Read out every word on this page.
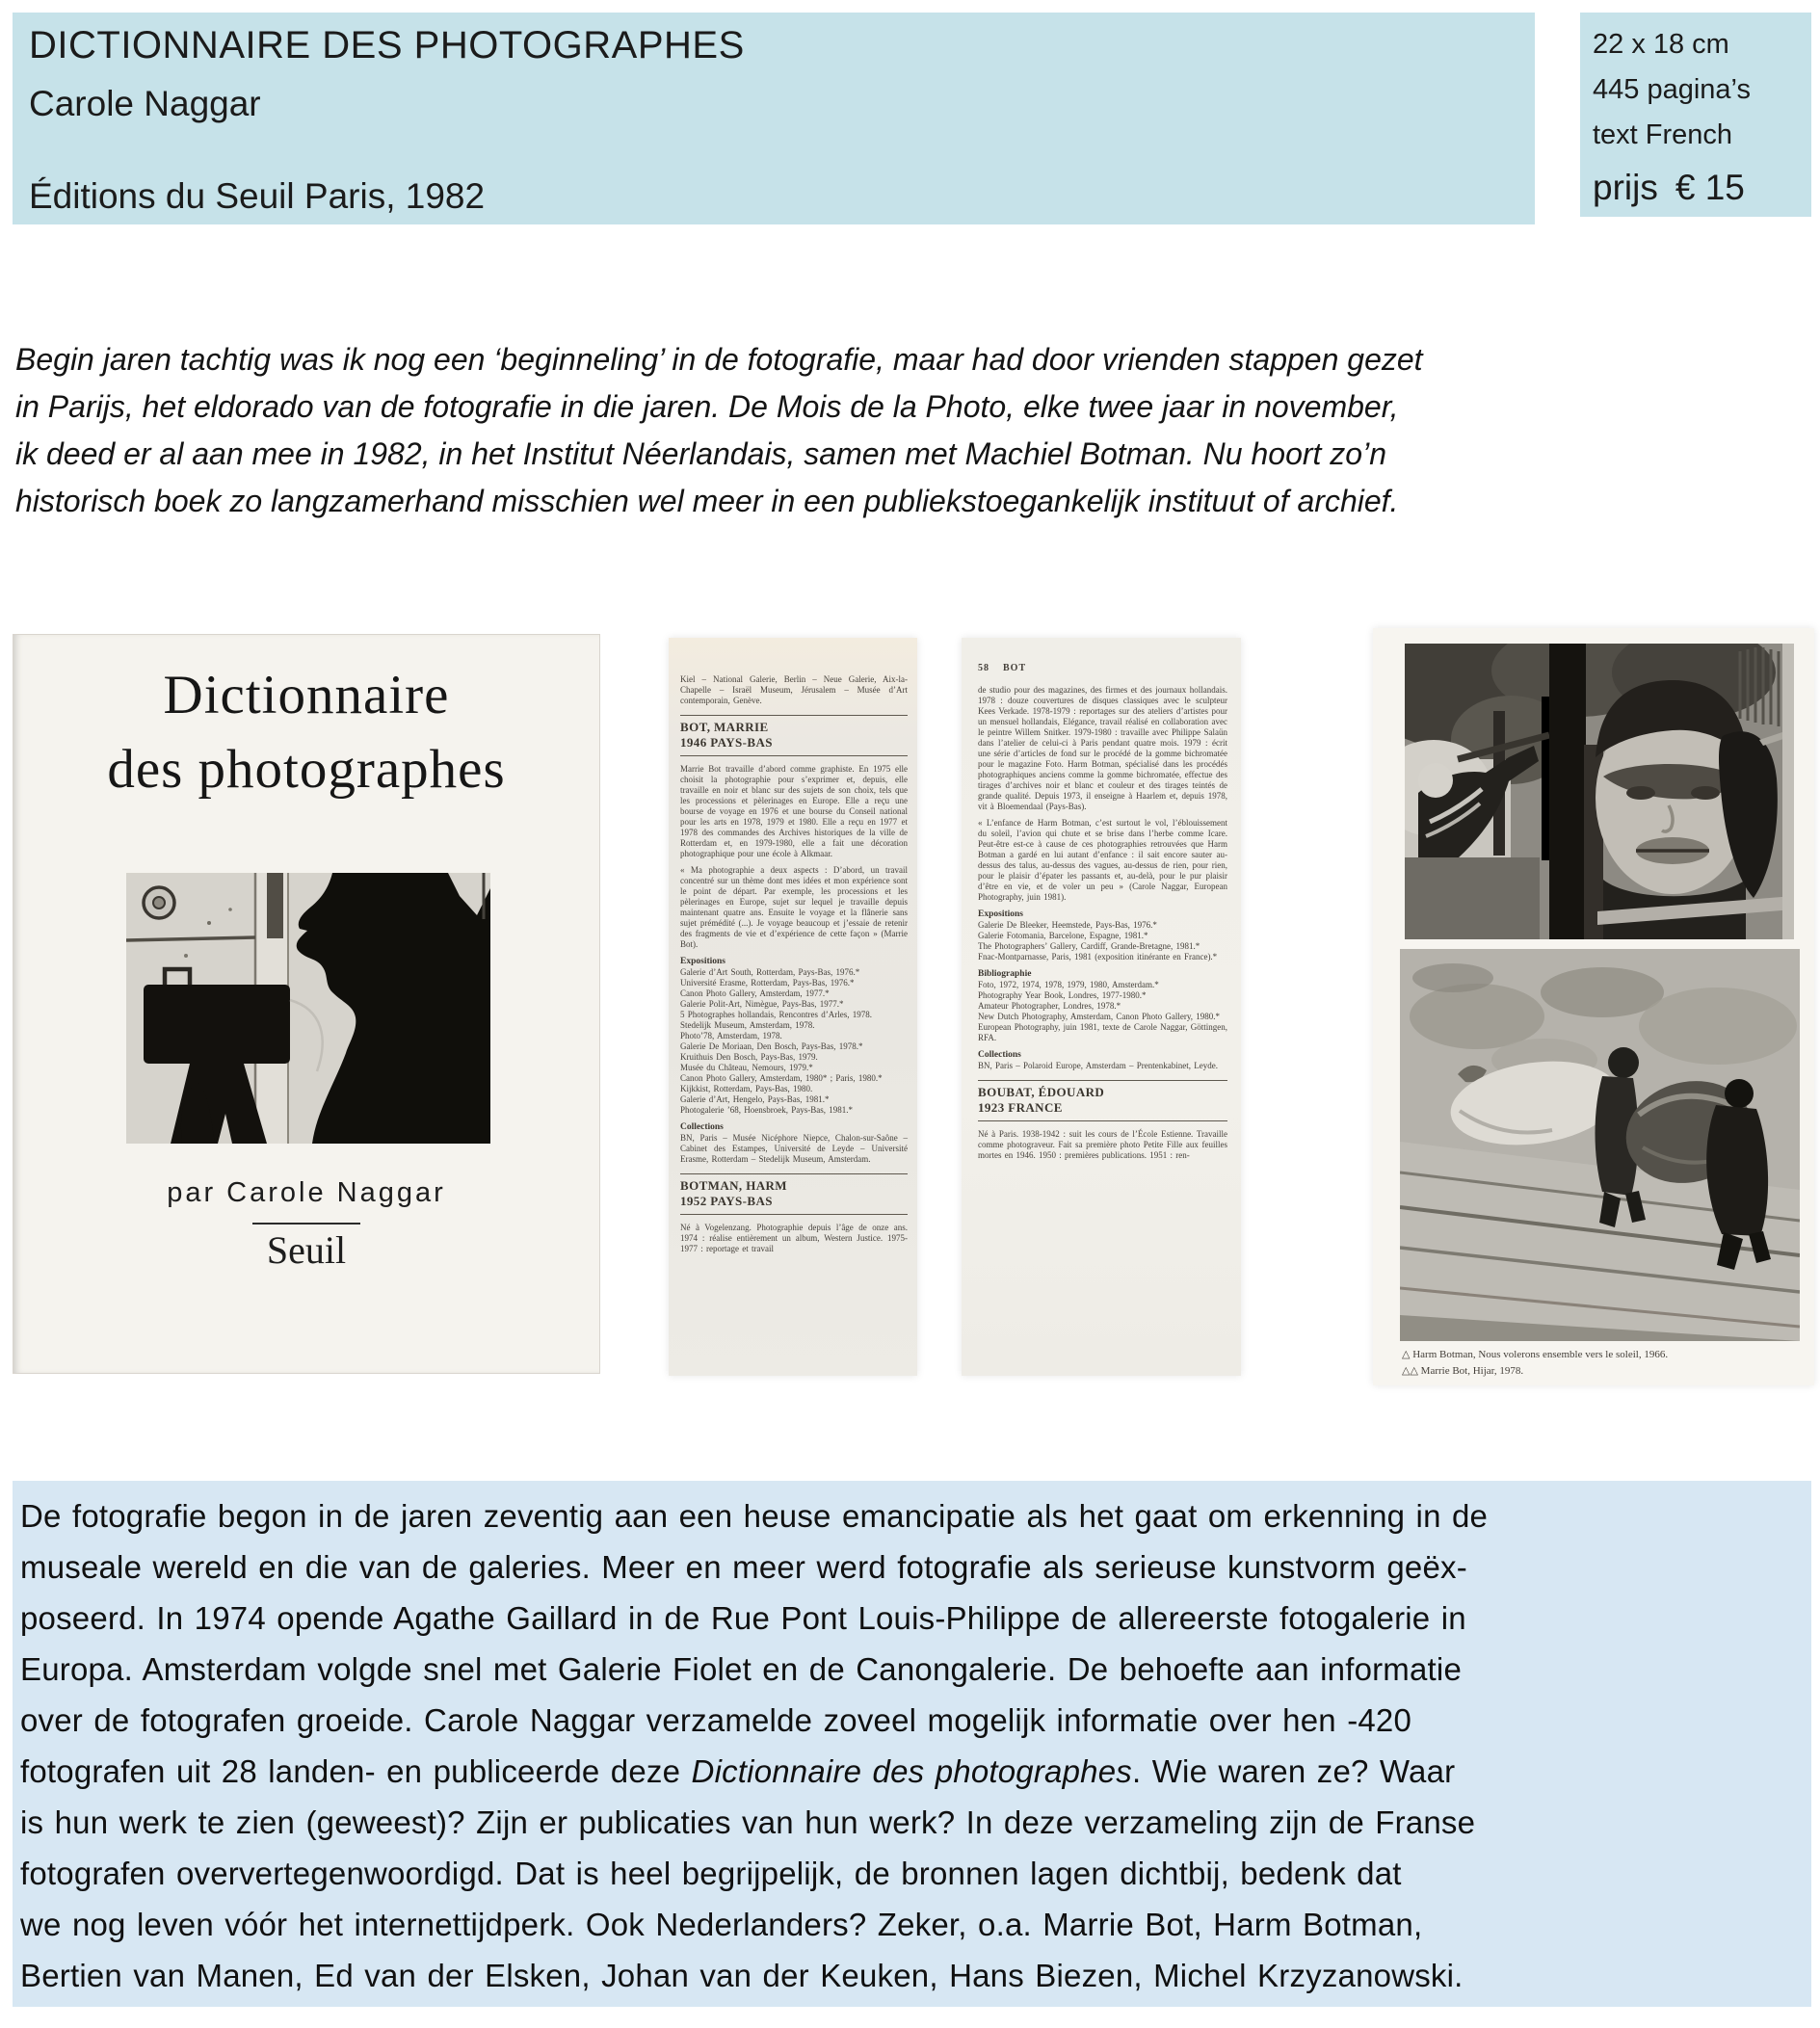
DICTIONNAIRE DES PHOTOGRAPHES
Carole Naggar
Éditions du Seuil Paris, 1982
22 x 18 cm
445 pagina’s
text French
prijs € 15
Begin jaren tachtig was ik nog een ‘beginneling’ in de fotografie, maar had door vrienden stappen gezet
in Parijs, het eldorado van de fotografie in die jaren. De Mois de la Photo, elke twee jaar in november,
ik deed er al aan mee in 1982, in het Institut Néerlandais, samen met Machiel Botman. Nu hoort zo’n
historisch boek zo langzamerhand misschien wel meer in een publiekstoegankelijk instituut of archief.
Dictionnaire
des photographes
par Carole Naggar
Seuil

Kiel – National Galerie, Berlin – Neue Galerie, Aix-la-Chapelle – Israël Museum, Jérusalem – Musée d’Art contemporain, Genève.

BOT, MARRIE
1946 PAYS-BAS

Marrie Bot travaille d’abord comme graphiste. En 1975 elle choisit la photographie pour s’exprimer et, depuis, elle travaille en noir et blanc sur des sujets de son choix, tels que les processions et pèlerinages en Europe. Elle a reçu une bourse de voyage en 1976 et une bourse du Conseil national pour les arts en 1978, 1979 et 1980. Elle a reçu en 1977 et 1978 des commandes des Archives historiques de la ville de Rotterdam et, en 1979-1980, elle a fait une décoration photographique pour une école à Alkmaar.

« Ma photographie a deux aspects : D’abord, un travail concentré sur un thème dont mes idées et mon expérience sont le point de départ. Par exemple, les processions et les pèlerinages en Europe, sujet sur lequel je travaille depuis maintenant quatre ans. Ensuite le voyage et la flânerie sans sujet prémédité (...). Je voyage beaucoup et j’essaie de retenir des fragments de vie et d’expérience de cette façon » (Marrie Bot).

Expositions
Galerie d’Art South, Rotterdam, Pays-Bas, 1976.*
Université Erasme, Rotterdam, Pays-Bas, 1976.*
Canon Photo Gallery, Amsterdam, 1977.*
Galerie Polit-Art, Nimègue, Pays-Bas, 1977.*
5 Photographes hollandais, Rencontres d’Arles, 1978.
Stedelijk Museum, Amsterdam, 1978.
Photo’78, Amsterdam, 1978.
Galerie De Moriaan, Den Bosch, Pays-Bas, 1978.*
Kruithuis Den Bosch, Pays-Bas, 1979.
Musée du Château, Nemours, 1979.*
Canon Photo Gallery, Amsterdam, 1980* ; Paris, 1980.*
Kijkkist, Rotterdam, Pays-Bas, 1980.
Galerie d’Art, Hengelo, Pays-Bas, 1981.*
Photogalerie ’68, Hoensbroek, Pays-Bas, 1981.*
Collections

BN, Paris – Musée Nicéphore Niepce, Chalon-sur-Saône – Cabinet des Estampes, Université de Leyde – Université Erasme, Rotterdam – Stedelijk Museum, Amsterdam.

BOTMAN, HARM
1952 PAYS-BAS

Né à Vogelenzang. Photographie depuis l’âge de onze ans. 1974 : réalise entièrement un album, Western Justice. 1975-1977 : reportage et travail

58 BOT

de studio pour des magazines, des firmes et des journaux hollandais. 1978 : douze couvertures de disques classiques avec le sculpteur Kees Verkade. 1978-1979 : reportages sur des ateliers d’artistes pour un mensuel hollandais, Elégance, travail réalisé en collaboration avec le peintre Willem Snitker. 1979-1980 : travaille avec Philippe Salaün dans l’atelier de celui-ci à Paris pendant quatre mois. 1979 : écrit une série d’articles de fond sur le procédé de la gomme bichromatée pour le magazine Foto. Harm Botman, spécialisé dans les procédés photographiques anciens comme la gomme bichromatée, effectue des tirages d’archives noir et blanc et couleur et des tirages teintés de grande qualité. Depuis 1973, il enseigne à Haarlem et, depuis 1978, vit à Bloemendaal (Pays-Bas).

« L’enfance de Harm Botman, c’est surtout le vol, l’éblouissement du soleil, l’avion qui chute et se brise dans l’herbe comme Icare. Peut-être est-ce à cause de ces photographies retrouvées que Harm Botman a gardé en lui autant d’enfance : il sait encore sauter au-dessus des talus, au-dessus des vagues, au-dessus de rien, pour rien, pour le plaisir d’épater les passants et, au-delà, pour le pur plaisir d’être en vie, et de voler un peu » (Carole Naggar, European Photography, juin 1981).

Expositions
Galerie De Bleeker, Heemstede, Pays-Bas, 1976.*
Galerie Fotomania, Barcelone, Espagne, 1981.*
The Photographers’ Gallery, Cardiff, Grande-Bretagne, 1981.*
Fnac-Montparnasse, Paris, 1981 (exposition itinérante en France).*
Bibliographie
Foto, 1972, 1974, 1978, 1979, 1980, Amsterdam.*
Photography Year Book, Londres, 1977-1980.*
Amateur Photographer, Londres, 1978.*
New Dutch Photography, Amsterdam, Canon Photo Gallery, 1980.*
European Photography, juin 1981, texte de Carole Naggar, Göttingen, RFA.
Collections

BN, Paris – Polaroid Europe, Amsterdam – Prentenkabinet, Leyde.

BOUBAT, ÉDOUARD
1923 FRANCE

Né à Paris. 1938-1942 : suit les cours de l’École Estienne. Travaille comme photograveur. Fait sa première photo Petite Fille aux feuilles mortes en 1946. 1950 : premières publications. 1951 : ren-

△ Harm Botman, Nous volerons ensemble vers le soleil, 1966.
△△ Marrie Bot, Hijar, 1978.
De fotografie begon in de jaren zeventig aan een heuse emancipatie als het gaat om erkenning in de
museale wereld en die van de galeries. Meer en meer werd fotografie als serieuse kunstvorm geëx-
poseerd. In 1974 opende Agathe Gaillard in de Rue Pont Louis-Philippe de allereerste fotogalerie in
Europa. Amsterdam volgde snel met Galerie Fiolet en de Canongalerie. De behoefte aan informatie
over de fotografen groeide. Carole Naggar verzamelde zoveel mogelijk informatie over hen -420
fotografen uit 28 landen- en publiceerde deze Dictionnaire des photographes. Wie waren ze? Waar
is hun werk te zien (geweest)? Zijn er publicaties van hun werk? In deze verzameling zijn de Franse
fotografen oververtegenwoordigd. Dat is heel begrijpelijk, de bronnen lagen dichtbij, bedenk dat
we nog leven vóór het internettijdperk. Ook Nederlanders? Zeker, o.a. Marrie Bot, Harm Botman,
Bertien van Manen, Ed van der Elsken, Johan van der Keuken, Hans Biezen, Michel Krzyzanowski.
